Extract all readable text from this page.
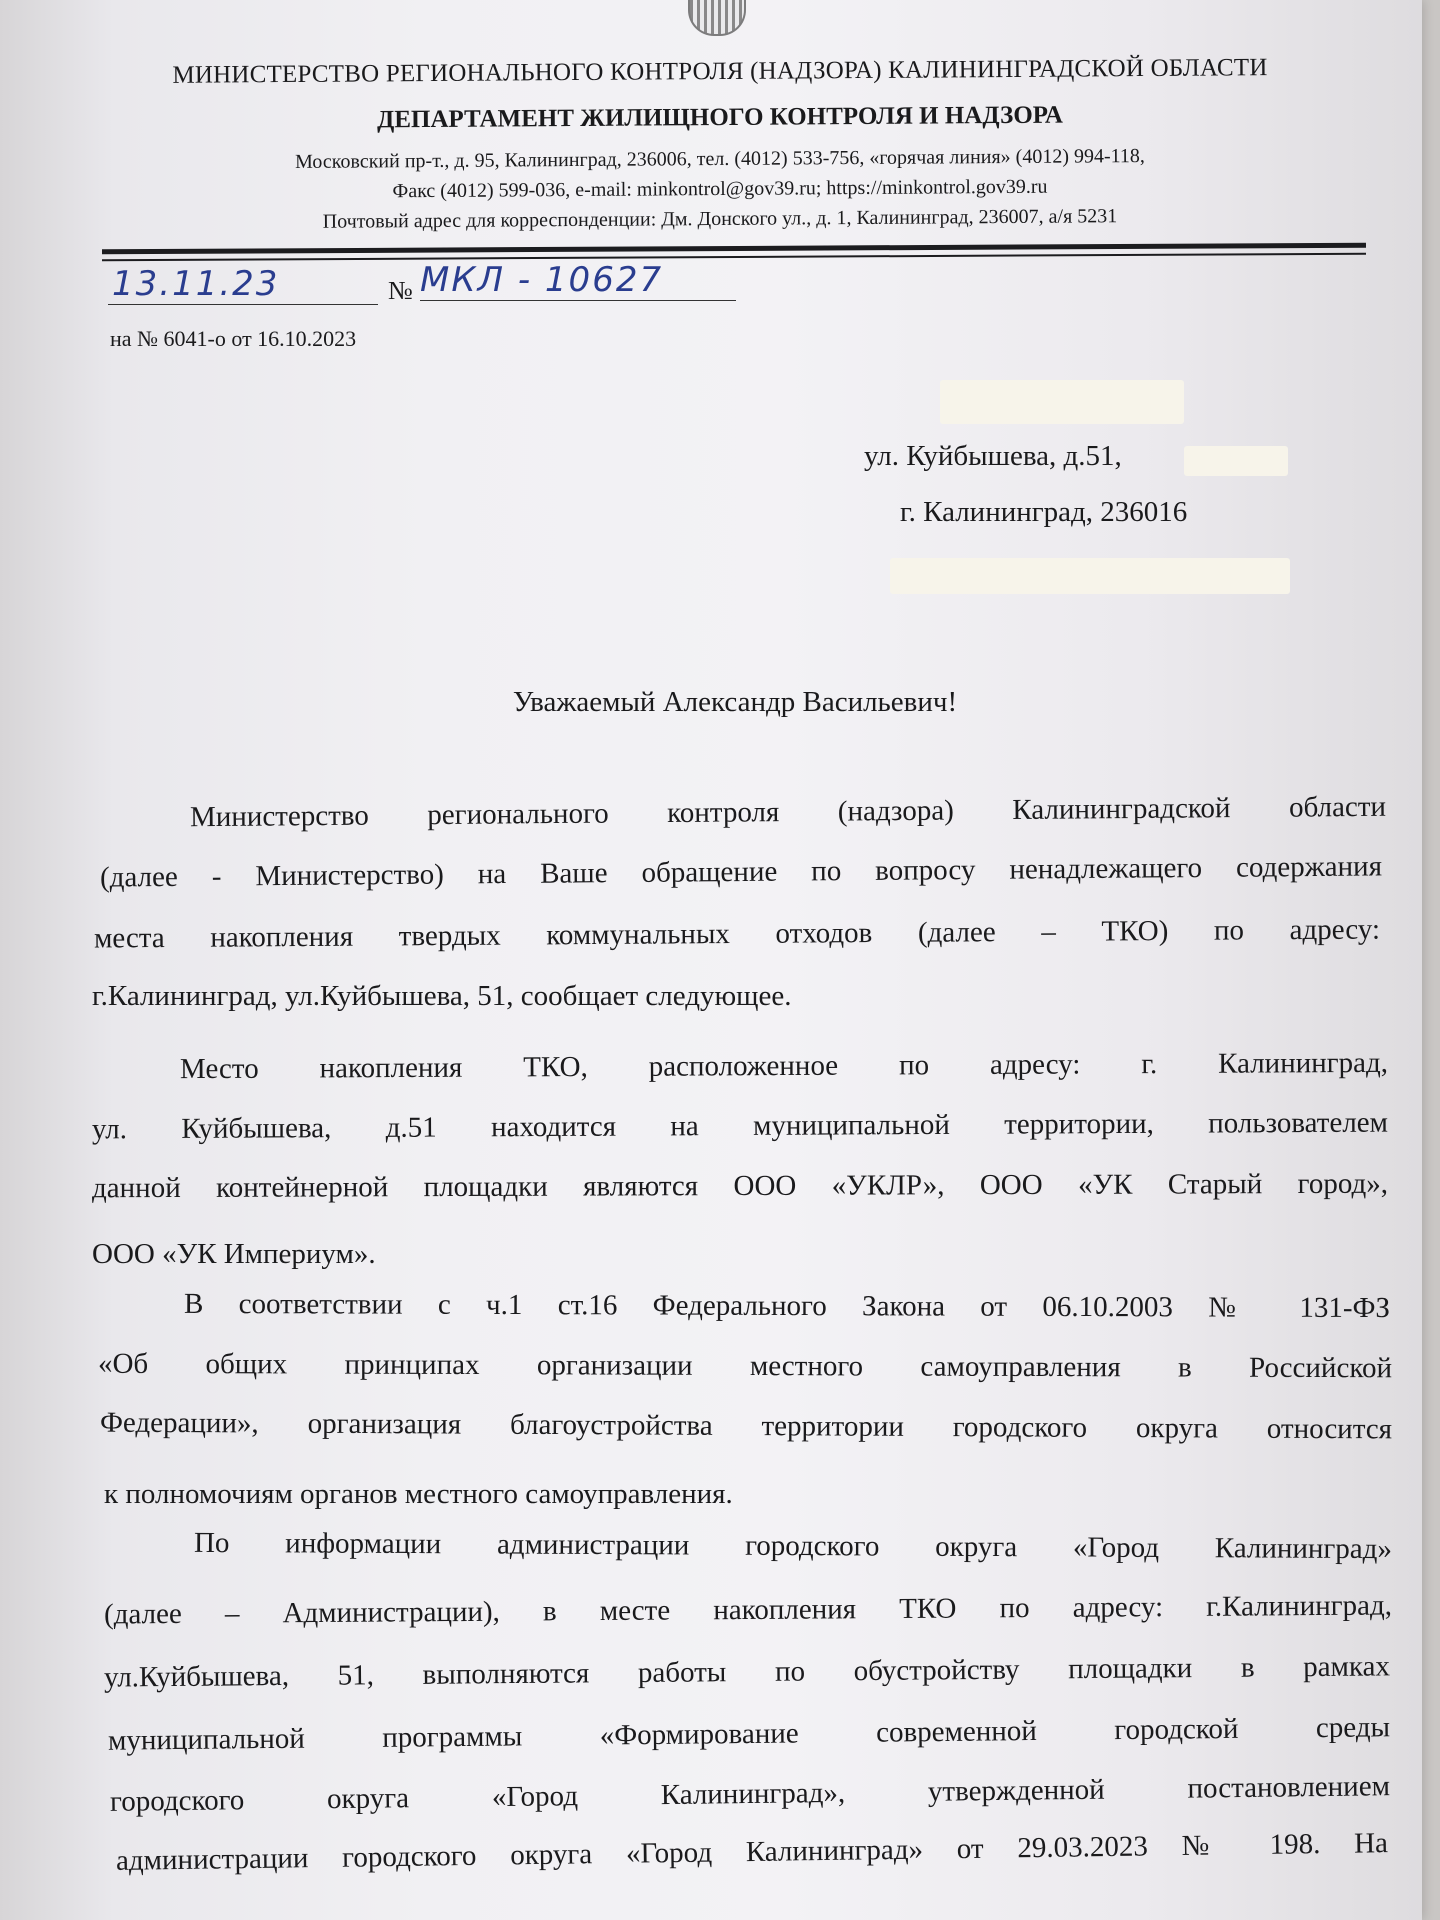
МИНИСТЕРСТВО РЕГИОНАЛЬНОГО КОНТРОЛЯ (НАДЗОРА) КАЛИНИНГРАДСКОЙ ОБЛАСТИ
ДЕПАРТАМЕНТ ЖИЛИЩНОГО КОНТРОЛЯ И НАДЗОРА
Московский пр-т., д. 95, Калининград, 236006, тел. (4012) 533-756, «горячая линия» (4012) 994-118,
Факс (4012) 599-036, e-mail: minkontrol@gov39.ru; https://minkontrol.gov39.ru
Почтовый адрес для корреспонденции: Дм. Донского ул., д. 1, Калининград, 236007, а/я 5231
13.11.23	№ МКЛ - 10627
на № 6041-о от 16.10.2023
ул. Куйбышева, д.51,
г. Калининград, 236016
Уважаемый Александр Васильевич!
Министерство регионального контроля (надзора) Калининградской области
(далее - Министерство) на Ваше обращение по вопросу ненадлежащего содержания
места накопления твердых коммунальных отходов (далее – ТКО) по адресу:
г.Калининград, ул.Куйбышева, 51, сообщает следующее.
Место накопления ТКО, расположенное по адресу: г. Калининград,
ул. Куйбышева, д.51 находится на муниципальной территории, пользователем
данной контейнерной площадки являются ООО «УКЛР», ООО «УК Старый город»,
ООО «УК Империум».
В соответствии с ч.1 ст.16 Федерального Закона от 06.10.2003 № 131-ФЗ
«Об общих принципах организации местного самоуправления в Российской
Федерации», организация благоустройства территории городского округа относится
к полномочиям органов местного самоуправления.
По информации администрации городского округа «Город Калининград»
(далее – Администрации), в месте накопления ТКО по адресу: г.Калининград,
ул.Куйбышева, 51, выполняются работы по обустройству площадки в рамках
муниципальной программы «Формирование современной городской среды
городского округа «Город Калининград», утвержденной постановлением
администрации городского округа «Город Калининград» от 29.03.2023 № 198. На
